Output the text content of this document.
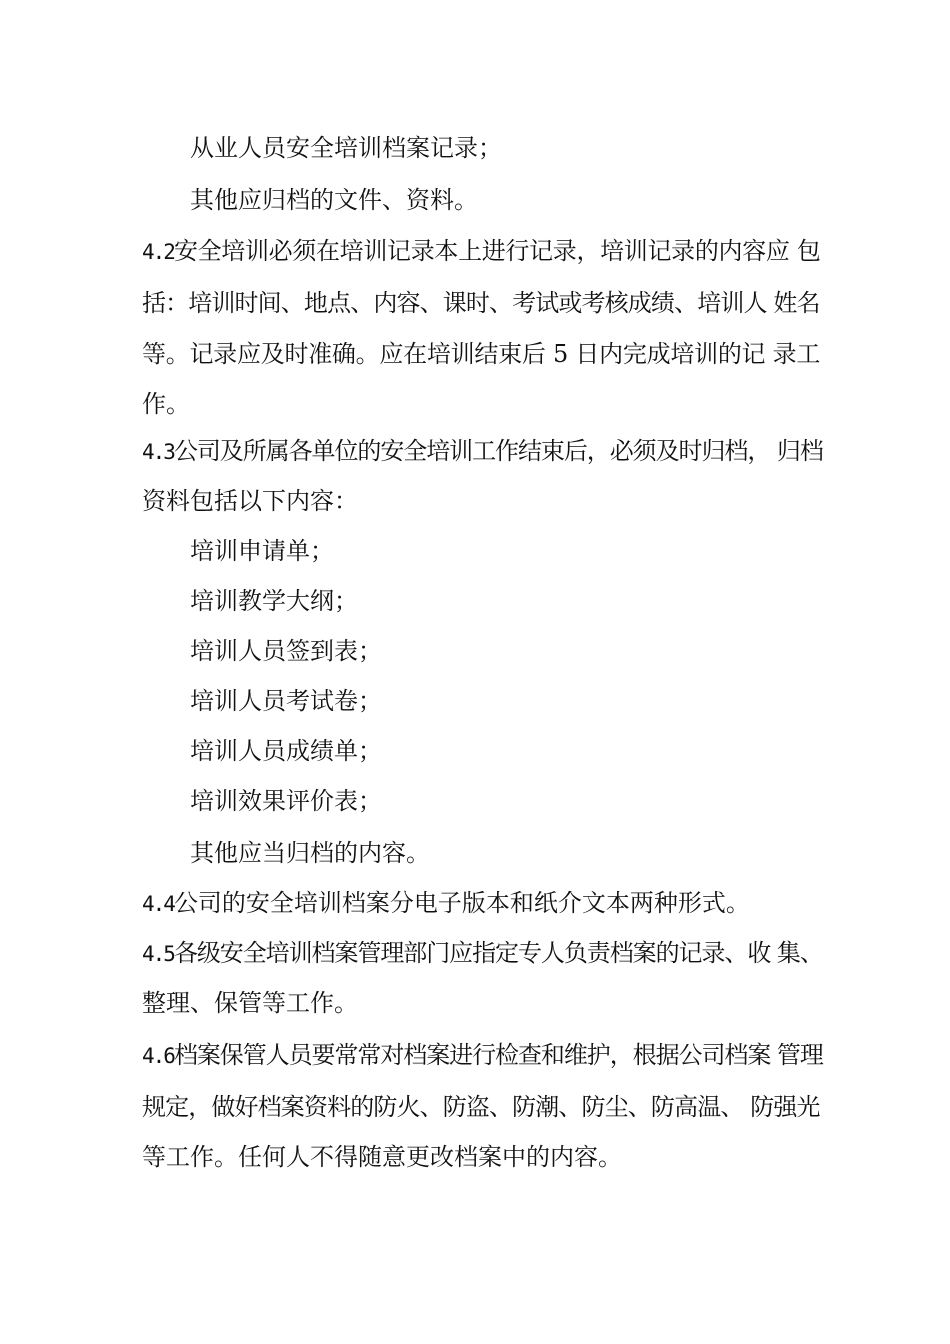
从业人员安全培训档案记录；

其他应归档的文件、资料。

4.2安全培训必须在培训记录本上进行记录，培训记录的内容应 包

括：培训时间、地点、内容、课时、考试或考核成绩、培训人 姓名

等。记录应及时准确。应在培训结束后 5 日内完成培训的记 录工

作。

4.3公司及所属各单位的安全培训工作结束后，必须及时归档， 归档

资料包括以下内容：

培训申请单；

培训教学大纲；

培训人员签到表；

培训人员考试卷；

培训人员成绩单；

培训效果评价表；

其他应当归档的内容。

4.4公司的安全培训档案分电子版本和纸介文本两种形式。

4.5各级安全培训档案管理部门应指定专人负责档案的记录、收 集、

整理、保管等工作。

4.6档案保管人员要常常对档案进行检查和维护，根据公司档案 管理

规定，做好档案资料的防火、防盗、防潮、防尘、防高温、 防强光

等工作。任何人不得随意更改档案中的内容。
